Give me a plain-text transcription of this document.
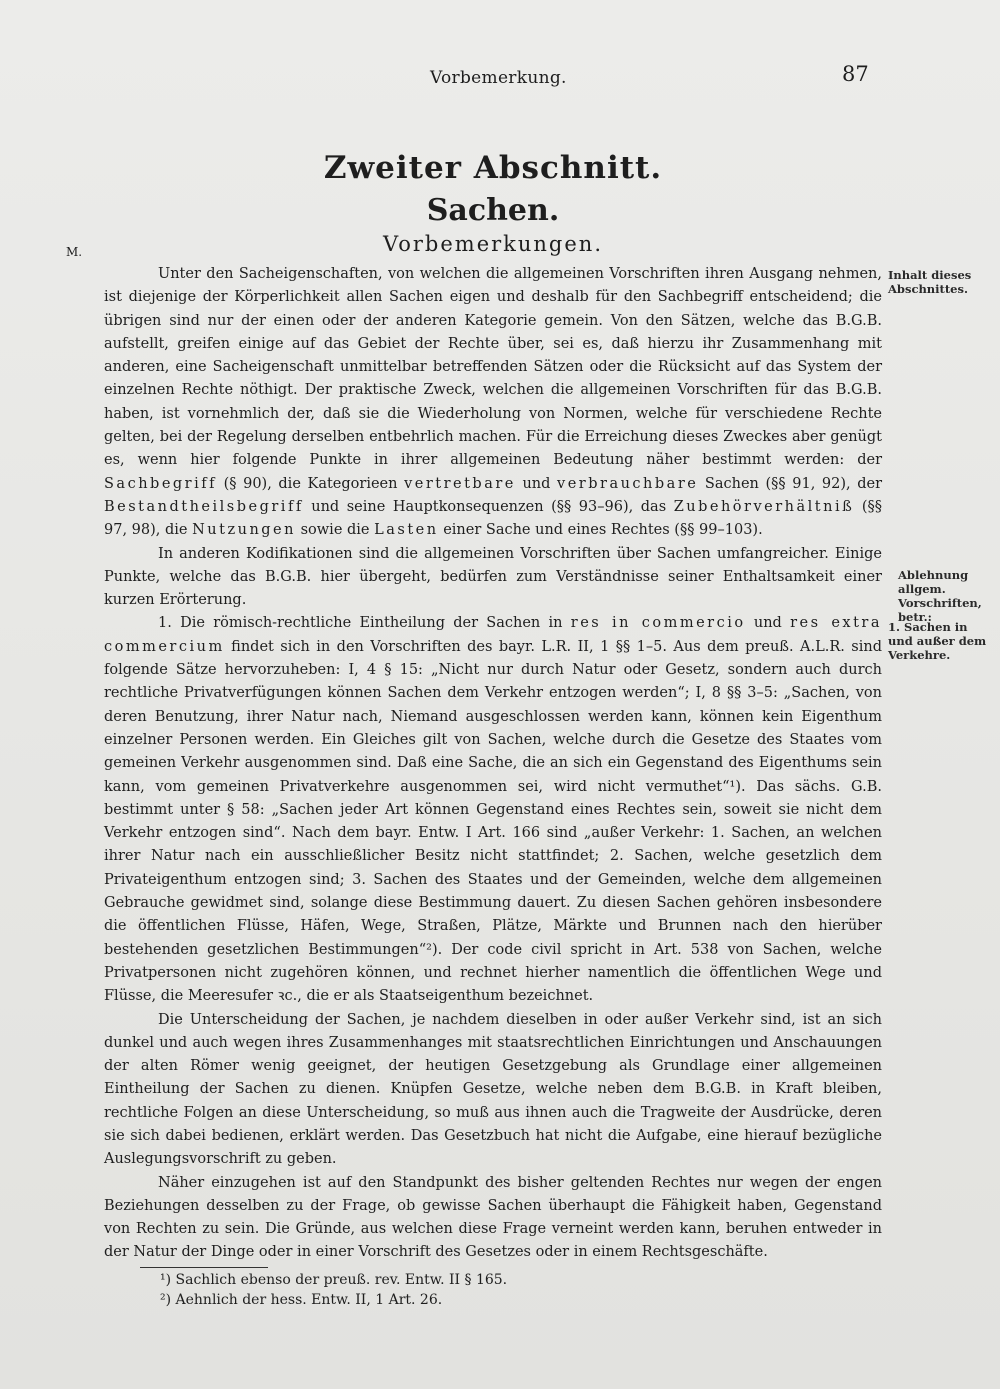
Vorbemerkung.	87
Zweiter Abschnitt.
Sachen.
M.	Vorbemerkungen.

Unter den Sacheigenschaften, von welchen die allgemeinen Vorschriften ihren Ausgang nehmen, ist diejenige der Körperlichkeit allen Sachen eigen und deshalb für den Sachbegriff entscheidend; die übrigen sind nur der einen oder der anderen Kategorie gemein. Von den Sätzen, welche das B.G.B. aufstellt, greifen einige auf das Gebiet der Rechte über, sei es, daß hierzu ihr Zusammenhang mit anderen, eine Sacheigenschaft unmittelbar betreffenden Sätzen oder die Rücksicht auf das System der einzelnen Rechte nöthigt. Der praktische Zweck, welchen die allgemeinen Vorschriften für das B.G.B. haben, ist vornehmlich der, daß sie die Wiederholung von Normen, welche für verschiedene Rechte gelten, bei der Regelung derselben entbehrlich machen. Für die Erreichung dieses Zweckes aber genügt es, wenn hier folgende Punkte in ihrer allgemeinen Bedeutung näher bestimmt werden: der Sachbegriff (§ 90), die Kategorieen vertretbare und verbrauchbare Sachen (§§ 91, 92), der Bestandtheilsbegriff und seine Hauptkonsequenzen (§§ 93–96), das Zubehörverhältniß (§§ 97, 98), die Nutzungen sowie die Lasten einer Sache und eines Rechtes (§§ 99–103).

In anderen Kodifikationen sind die allgemeinen Vorschriften über Sachen umfangreicher. Einige Punkte, welche das B.G.B. hier übergeht, bedürfen zum Verständnisse seiner Enthaltsamkeit einer kurzen Erörterung.

1. Die römisch-rechtliche Eintheilung der Sachen in res in commercio und res extra commercium findet sich in den Vorschriften des bayr. L.R. II, 1 §§ 1–5. Aus dem preuß. A.L.R. sind folgende Sätze hervorzuheben: I, 4 § 15: „Nicht nur durch Natur oder Gesetz, sondern auch durch rechtliche Privatverfügungen können Sachen dem Verkehr entzogen werden“; I, 8 §§ 3–5: „Sachen, von deren Benutzung, ihrer Natur nach, Niemand ausgeschlossen werden kann, können kein Eigenthum einzelner Personen werden. Ein Gleiches gilt von Sachen, welche durch die Gesetze des Staates vom gemeinen Verkehr ausgenommen sind. Daß eine Sache, die an sich ein Gegenstand des Eigenthums sein kann, vom gemeinen Privatverkehre ausgenommen sei, wird nicht vermuthet“¹). Das sächs. G.B. bestimmt unter § 58: „Sachen jeder Art können Gegenstand eines Rechtes sein, soweit sie nicht dem Verkehr entzogen sind“. Nach dem bayr. Entw. I Art. 166 sind „außer Verkehr: 1. Sachen, an welchen ihrer Natur nach ein ausschließlicher Besitz nicht stattfindet; 2. Sachen, welche gesetzlich dem Privateigenthum entzogen sind; 3. Sachen des Staates und der Gemeinden, welche dem allgemeinen Gebrauche gewidmet sind, solange diese Bestimmung dauert. Zu diesen Sachen gehören insbesondere die öffentlichen Flüsse, Häfen, Wege, Straßen, Plätze, Märkte und Brunnen nach den hierüber bestehenden gesetzlichen Bestimmungen“²). Der code civil spricht in Art. 538 von Sachen, welche Privatpersonen nicht zugehören können, und rechnet hierher namentlich die öffentlichen Wege und Flüsse, die Meeresufer ꝛc., die er als Staatseigenthum bezeichnet.

Die Unterscheidung der Sachen, je nachdem dieselben in oder außer Verkehr sind, ist an sich dunkel und auch wegen ihres Zusammenhanges mit staatsrechtlichen Einrichtungen und Anschauungen der alten Römer wenig geeignet, der heutigen Gesetzgebung als Grundlage einer allgemeinen Eintheilung der Sachen zu dienen. Knüpfen Gesetze, welche neben dem B.G.B. in Kraft bleiben, rechtliche Folgen an diese Unterscheidung, so muß aus ihnen auch die Tragweite der Ausdrücke, deren sie sich dabei bedienen, erklärt werden. Das Gesetzbuch hat nicht die Aufgabe, eine hierauf bezügliche Auslegungsvorschrift zu geben.

Näher einzugehen ist auf den Standpunkt des bisher geltenden Rechtes nur wegen der engen Beziehungen desselben zu der Frage, ob gewisse Sachen überhaupt die Fähigkeit haben, Gegenstand von Rechten zu sein. Die Gründe, aus welchen diese Frage verneint werden kann, beruhen entweder in der Natur der Dinge oder in einer Vorschrift des Gesetzes oder in einem Rechtsgeschäfte.

Inhalt dieses Abschnittes.
Ablehnung allgem. Vorschriften, betr.:
1. Sachen in und außer dem Verkehre.
¹) Sachlich ebenso der preuß. rev. Entw. II § 165.
²) Aehnlich der hess. Entw. II, 1 Art. 26.
